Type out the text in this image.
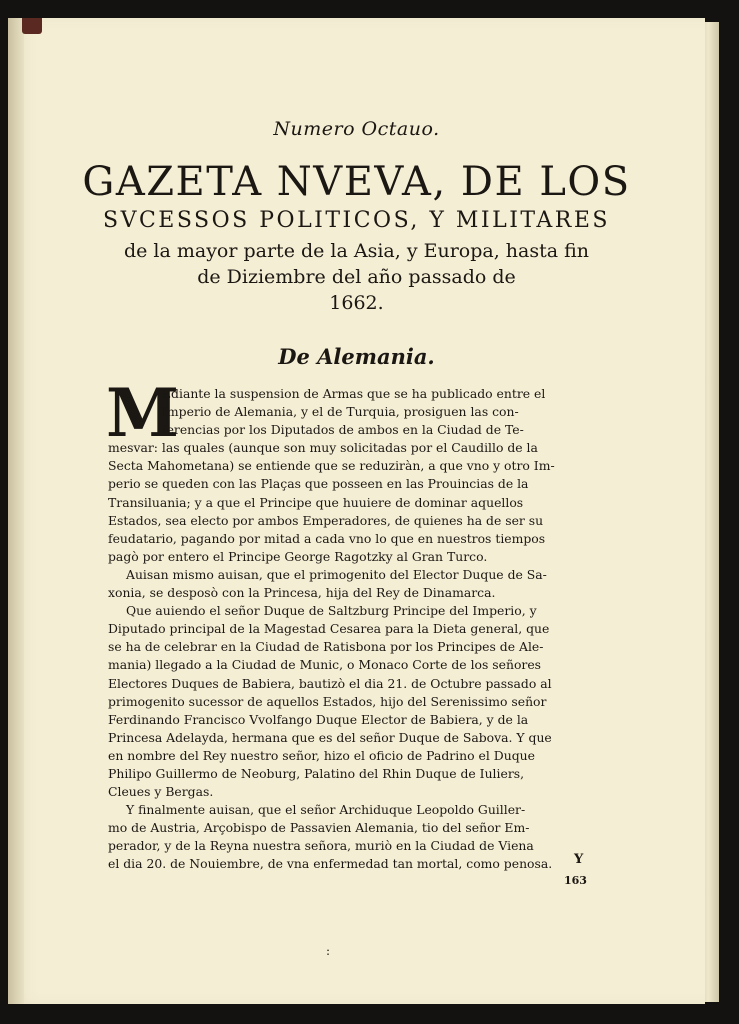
Numero Octauo.
GAZETA NVEVA, DE LOS
SVCESSOS POLITICOS, Y MILITARES
de la mayor parte de la Asia, y Europa, hasta fin
de Diziembre del año passado de
1662.
De Alemania.
M
Ediante la suspension de Armas que se ha publicado entre el
Imperio de Alemania, y el de Turquia, prosiguen las con-
ferencias por los Diputados de ambos en la Ciudad de Te-
mesvar: las quales (aunque son muy solicitadas por el Caudillo de la
Secta Mahometana) se entiende que se reduziràn, a que vno y otro Im-
perio se queden con las Plaças que posseen en las Prouincias de la
Transiluania; y a que el Principe que huuiere de dominar aquellos
Estados, sea electo por ambos Emperadores, de quienes ha de ser su
feudatario, pagando por mitad a cada vno lo que en nuestros tiempos
pagò por entero el Principe George Ragotzky al Gran Turco.
Auisan mismo auisan, que el primogenito del Elector Duque de Sa-
xonia, se desposò con la Princesa, hija del Rey de Dinamarca.
Que auiendo el señor Duque de Saltzburg Principe del Imperio, y
Diputado principal de la Magestad Cesarea para la Dieta general, que
se ha de celebrar en la Ciudad de Ratisbona por los Principes de Ale-
mania) llegado a la Ciudad de Munic, o Monaco Corte de los señores
Electores Duques de Babiera, bautizò el dia 21. de Octubre passado al
primogenito sucessor de aquellos Estados, hijo del Serenissimo señor
Ferdinando Francisco Vvolfango Duque Elector de Babiera, y de la
Princesa Adelayda, hermana que es del señor Duque de Sabova. Y que
en nombre del Rey nuestro señor, hizo el oficio de Padrino el Duque
Philipo Guillermo de Neoburg, Palatino del Rhin Duque de Iuliers,
Cleues y Bergas.
Y finalmente auisan, que el señor Archiduque Leopoldo Guiller-
mo de Austria, Arçobispo de Passavien Alemania, tio del señor Em-
perador, y de la Reyna nuestra señora, muriò en la Ciudad de Viena
el dia 20. de Nouiembre, de vna enfermedad tan mortal, como penosa.	Y
163
:
